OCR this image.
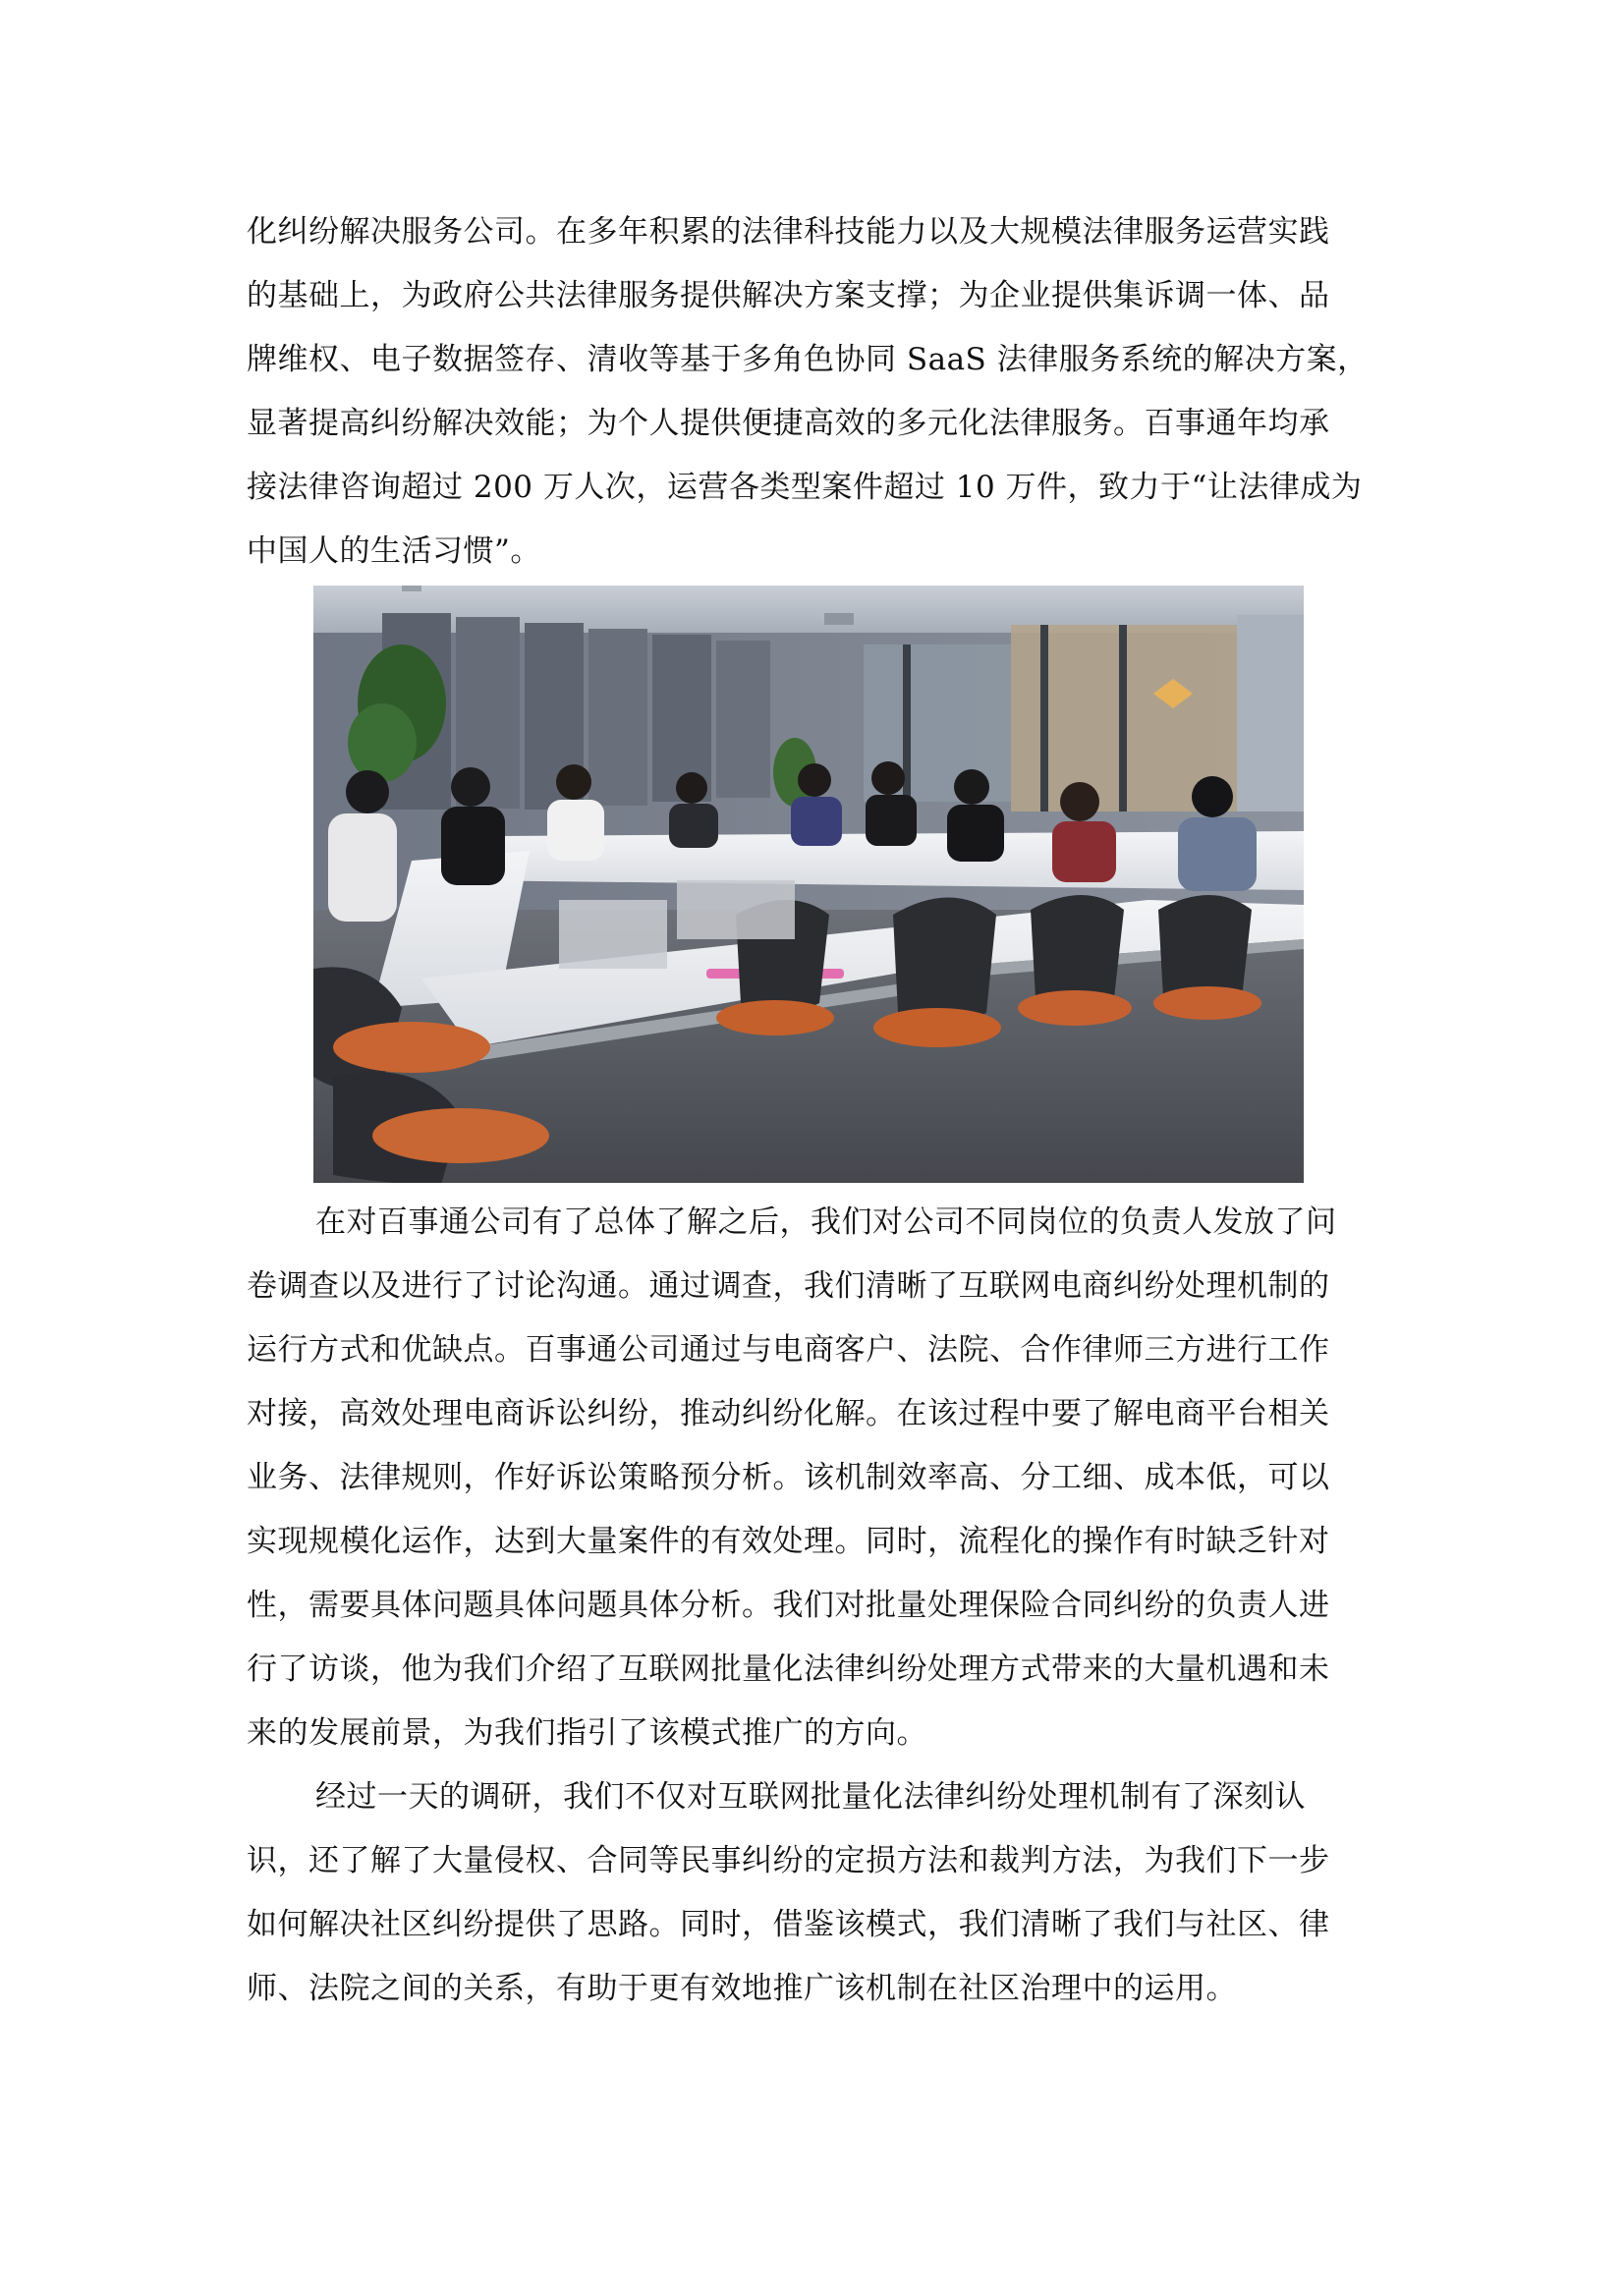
化纠纷解决服务公司。在多年积累的法律科技能力以及大规模法律服务运营实践
的基础上，为政府公共法律服务提供解决方案支撑；为企业提供集诉调一体、品
牌维权、电子数据签存、清收等基于多角色协同 SaaS 法律服务系统的解决方案，
显著提高纠纷解决效能；为个人提供便捷高效的多元化法律服务。百事通年均承
接法律咨询超过 200 万人次，运营各类型案件超过 10 万件，致力于“让法律成为
中国人的生活习惯”。
在对百事通公司有了总体了解之后，我们对公司不同岗位的负责人发放了问
卷调查以及进行了讨论沟通。通过调查，我们清晰了互联网电商纠纷处理机制的
运行方式和优缺点。百事通公司通过与电商客户、法院、合作律师三方进行工作
对接，高效处理电商诉讼纠纷，推动纠纷化解。在该过程中要了解电商平台相关
业务、法律规则，作好诉讼策略预分析。该机制效率高、分工细、成本低，可以
实现规模化运作，达到大量案件的有效处理。同时，流程化的操作有时缺乏针对
性，需要具体问题具体问题具体分析。我们对批量处理保险合同纠纷的负责人进
行了访谈，他为我们介绍了互联网批量化法律纠纷处理方式带来的大量机遇和未
来的发展前景，为我们指引了该模式推广的方向。
经过一天的调研，我们不仅对互联网批量化法律纠纷处理机制有了深刻认
识，还了解了大量侵权、合同等民事纠纷的定损方法和裁判方法，为我们下一步
如何解决社区纠纷提供了思路。同时，借鉴该模式，我们清晰了我们与社区、律
师、法院之间的关系，有助于更有效地推广该机制在社区治理中的运用。
